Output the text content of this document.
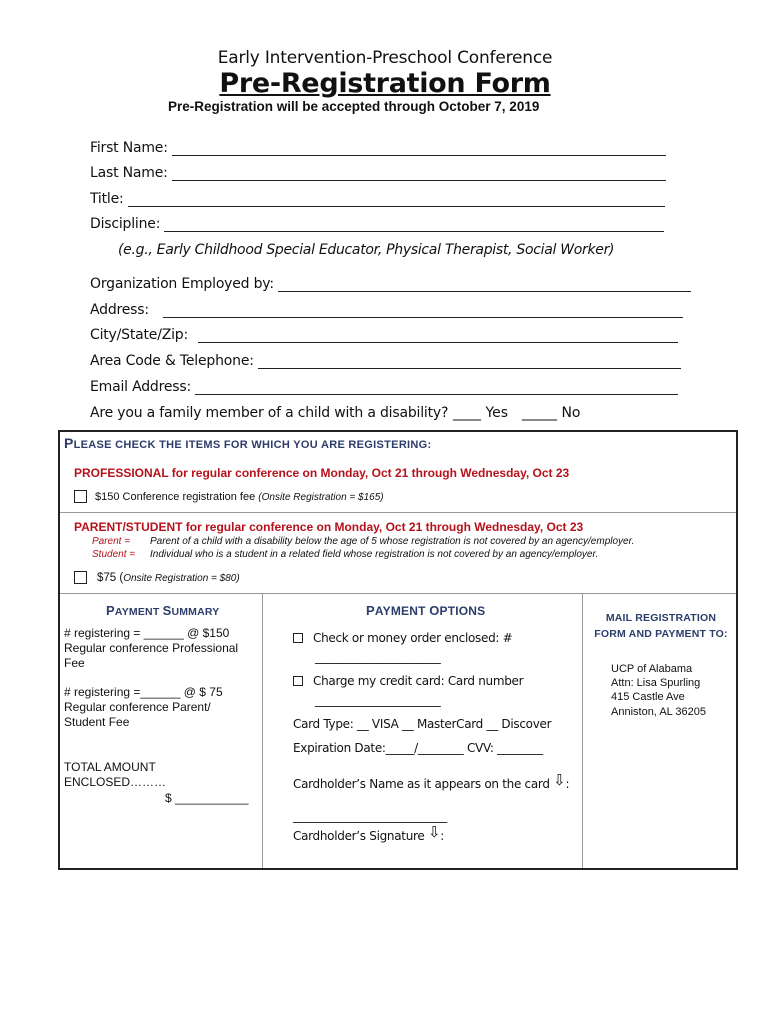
Early Intervention-Preschool Conference
Pre-Registration Form
Pre-Registration will be accepted through October 7, 2019
First Name:
Last Name:
Title:
Discipline:
(e.g., Early Childhood Special Educator, Physical Therapist, Social Worker)
Organization Employed by:
Address:
City/State/Zip:
Area Code & Telephone:
Email Address:
Are you a family member of a child with a disability? ____ Yes _____ No
PLEASE CHECK THE ITEMS FOR WHICH YOU ARE REGISTERING:
PROFESSIONAL for regular conference on Monday, Oct 21 through Wednesday, Oct 23
$150 Conference registration fee (Onsite Registration = $165)
PARENT/STUDENT for regular conference on Monday, Oct 21 through Wednesday, Oct 23
Parent = Parent of a child with a disability below the age of 5 whose registration is not covered by an agency/employer.
Student = Individual who is a student in a related field whose registration is not covered by an agency/employer.
$75 (Onsite Registration = $80)
PAYMENT SUMMARY
# registering = ______ @ $150
Regular conference Professional Fee
# registering =______ @ $ 75
Regular conference Parent/ Student Fee
TOTAL AMOUNT
ENCLOSED………
$ ___________
PAYMENT OPTIONS
Check or money order enclosed: #
______________________
Charge my credit card: Card number
______________________
Card Type: __ VISA __ MasterCard __ Discover
Expiration Date:_____/________ CVV: ________
Cardholder’s Name as it appears on the card ⇩:
___________________________
Cardholder’s Signature ⇩:
MAIL REGISTRATION
FORM AND PAYMENT TO:
UCP of Alabama
Attn: Lisa Spurling
415 Castle Ave
Anniston, AL 36205
